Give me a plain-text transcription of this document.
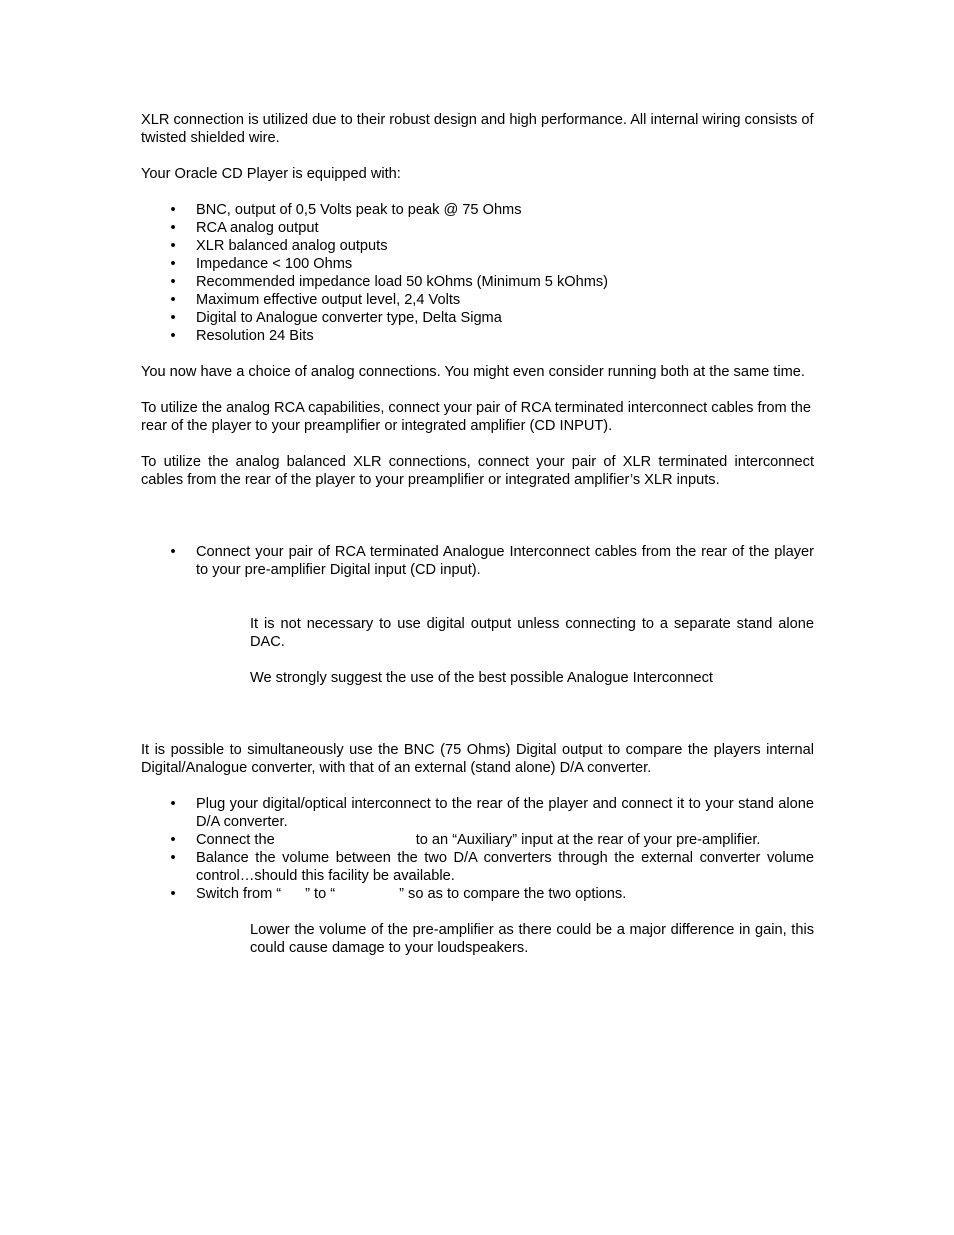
XLR connection is utilized due to their robust design and high performance. All internal wiring consists of twisted shielded wire.

Your Oracle CD Player is equipped with:

• BNC, output of 0,5 Volts peak to peak @ 75 Ohms
• RCA analog output
• XLR balanced analog outputs
• Impedance < 100 Ohms
• Recommended impedance load 50 kOhms (Minimum 5 kOhms)
• Maximum effective output level, 2,4 Volts
• Digital to Analogue converter type, Delta Sigma
• Resolution 24 Bits

You now have a choice of analog connections. You might even consider running both at the same time.

To utilize the analog RCA capabilities, connect your pair of RCA terminated interconnect cables from the rear of the player to your preamplifier or integrated amplifier (CD INPUT).

To utilize the analog balanced XLR connections, connect your pair of XLR terminated interconnect cables from the rear of the player to your preamplifier or integrated amplifier’s XLR inputs.

• Connect your pair of RCA terminated Analogue Interconnect cables from the rear of the player to your pre-amplifier Digital input (CD input).

It is not necessary to use digital output unless connecting to a separate stand alone DAC.

We strongly suggest the use of the best possible Analogue Interconnect

It is possible to simultaneously use the BNC (75 Ohms) Digital output to compare the players internal Digital/Analogue converter, with that of an external (stand alone) D/A converter.

• Plug your digital/optical interconnect to the rear of the player and connect it to your stand alone D/A converter.
• Connect the	to an “Auxiliary” input at the rear of your pre-amplifier.
• Balance the volume between the two D/A converters through the external converter volume control…should this facility be available.
• Switch from “ ” to “	” so as to compare the two options.

Lower the volume of the pre-amplifier as there could be a major difference in gain, this could cause damage to your loudspeakers.
